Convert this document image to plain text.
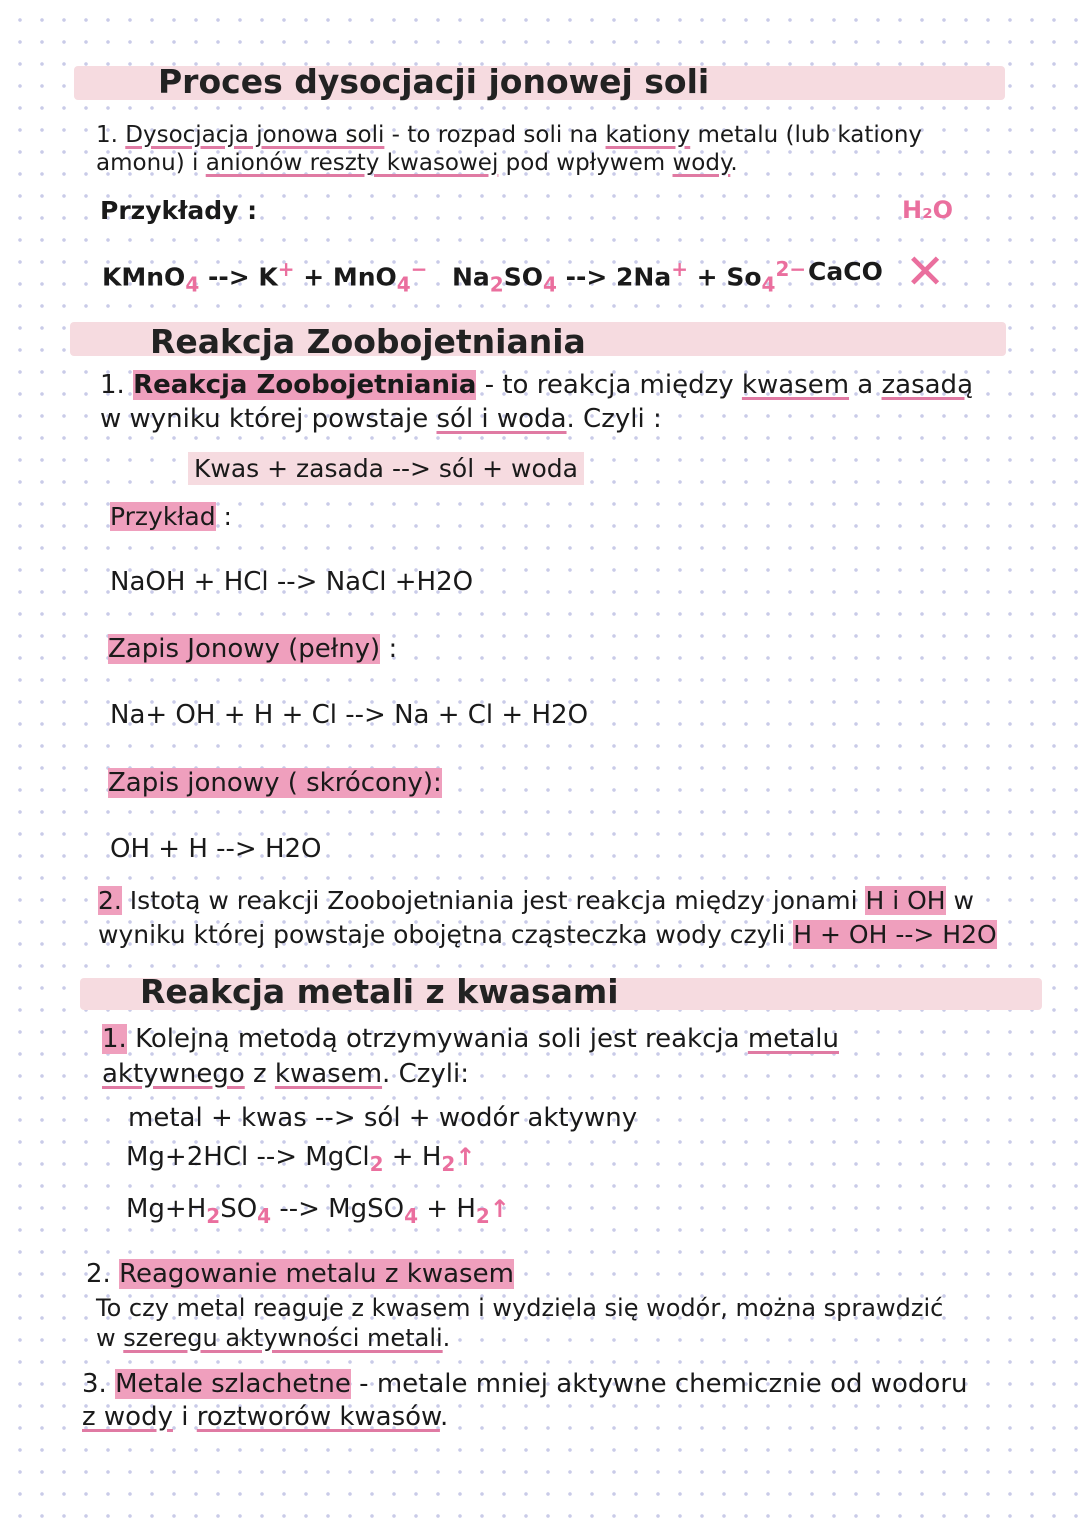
Proces dysocjacji jonowej soli
1. Dysocjacja jonowa soli - to rozpad soli na kationy metalu (lub kationy
amonu) i anionów reszty kwasowej pod wpływem wody.
Przykłady :
KMnO$_4$ --> K+ + MnO$_4$− $Na_2SO_4$ --> $2Na^+ + So_4^{2-}$ CaCO
H₂O
✕
Reakcja Zoobojetniania
1. Reakcja Zoobojetniania - to reakcja między kwasem a zasadą
w wyniku której powstaje sól i woda. Czyli :
Kwas + zasada --> sól + woda
Przykład :
NaOH + HCl --> NaCl +H2O
Zapis Jonowy (pełny) :
Na+ OH + H + Cl --> Na + Cl + H2O
Zapis jonowy ( skrócony):
OH + H --> H2O
2. Istotą w reakcji Zoobojetniania jest reakcja między jonami H i OH w
wyniku której powstaje obojętna cząsteczka wody czyli H + OH --> H2O
Reakcja metali z kwasami
1. Kolejną metodą otrzymywania soli jest reakcja metalu
aktywnego z kwasem. Czyli:
metal + kwas --> sól + wodór aktywny
Mg+2HCl --> MgCl$_2$ + $H_2↑$
$Mg+H_2SO_4$ --> MgSO$_4$ + $H_2↑$
2. Reagowanie metalu z kwasem
To czy metal reaguje z kwasem i wydziela się wodór, można sprawdzić
w szeregu aktywności metali.
3. Metale szlachetne - metale mniej aktywne chemicznie od wodoru
z wody i roztworów kwasów.
